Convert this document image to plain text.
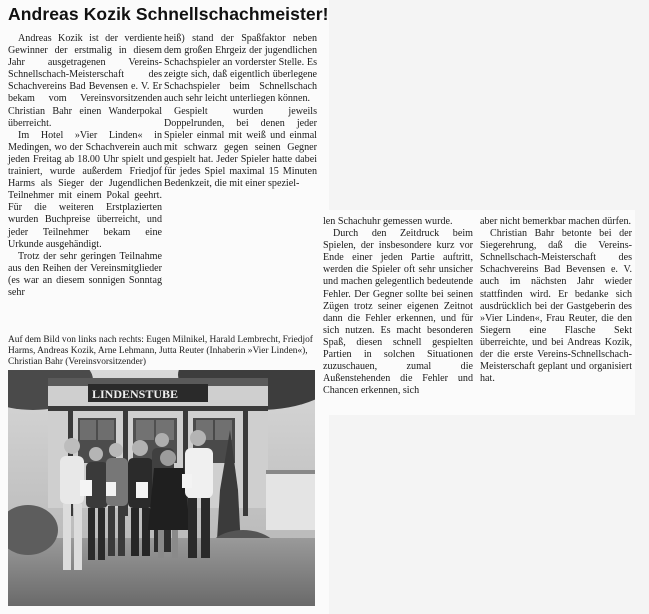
Andreas Kozik Schnellschachmeister!

Andreas Kozik ist der verdiente Gewinner der erstmalig in diesem Jahr ausgetragenen Vereins-Schnellschach-Meisterschaft des Schachvereins Bad Bevensen e. V. Er bekam vom Vereinsvorsitzenden Christian Bahr einen Wanderpokal überreicht.

Im Hotel »Vier Linden« in Medingen, wo der Schachverein auch jeden Freitag ab 18.00 Uhr spielt und trainiert, wurde außerdem Friedjof Harms als Sieger der Jugendlichen Teilnehmer mit einem Pokal geehrt. Für die weiteren Erstplazierten wurden Buchpreise überreicht, und jeder Teilnehmer bekam eine Urkunde ausgehändigt.

Trotz der sehr geringen Teilnahme aus den Reihen der Vereinsmitglieder (es war an diesem sonnigen Sonntag sehr

heiß) stand der Spaßfaktor neben dem großen Ehrgeiz der jugendlichen Schachspieler an vorderster Stelle. Es zeigte sich, daß eigentlich überlegene Schachspieler beim Schnellschach auch sehr leicht unterliegen können.

Gespielt wurden jeweils Doppelrunden, bei denen jeder Spieler einmal mit weiß und einmal mit schwarz gegen seinen Gegner gespielt hat. Jeder Spieler hatte dabei für jedes Spiel maximal 15 Minuten Bedenkzeit, die mit einer speziel-

len Schachuhr gemessen wurde.

Durch den Zeitdruck beim Spielen, der insbesondere kurz vor Ende einer jeden Partie auftritt, werden die Spieler oft sehr unsicher und machen gelegentlich bedeutende Fehler. Der Gegner sollte bei seinen Zügen trotz seiner eigenen Zeitnot dann die Fehler erkennen, und für sich nutzen. Es macht besonderen Spaß, diesen schnell gespielten Partien in solchen Situationen zuzuschauen, zumal die Außenstehenden die Fehler und Chancen erkennen, sich

aber nicht bemerkbar machen dürfen.

Christian Bahr betonte bei der Siegerehrung, daß die Vereins-Schnellschach-Meisterschaft des Schachvereins Bad Bevensen e. V. auch im nächsten Jahr wieder stattfinden wird. Er bedanke sich ausdrücklich bei der Gastgeberin des »Vier Linden«, Frau Reuter, die den Siegern eine Flasche Sekt überreichte, und bei Andreas Kozik, der die erste Vereins-Schnellschach-Meisterschaft geplant und organisiert hat.

Auf dem Bild von links nach rechts: Eugen Milnikel, Harald Lembrecht, Friedjof Harms, Andreas Kozik, Arne Lehmann, Jutta Reuter (Inhaberin »Vier Linden«), Christian Bahr (Vereinsvorsitzender)
LINDENSTUBE
